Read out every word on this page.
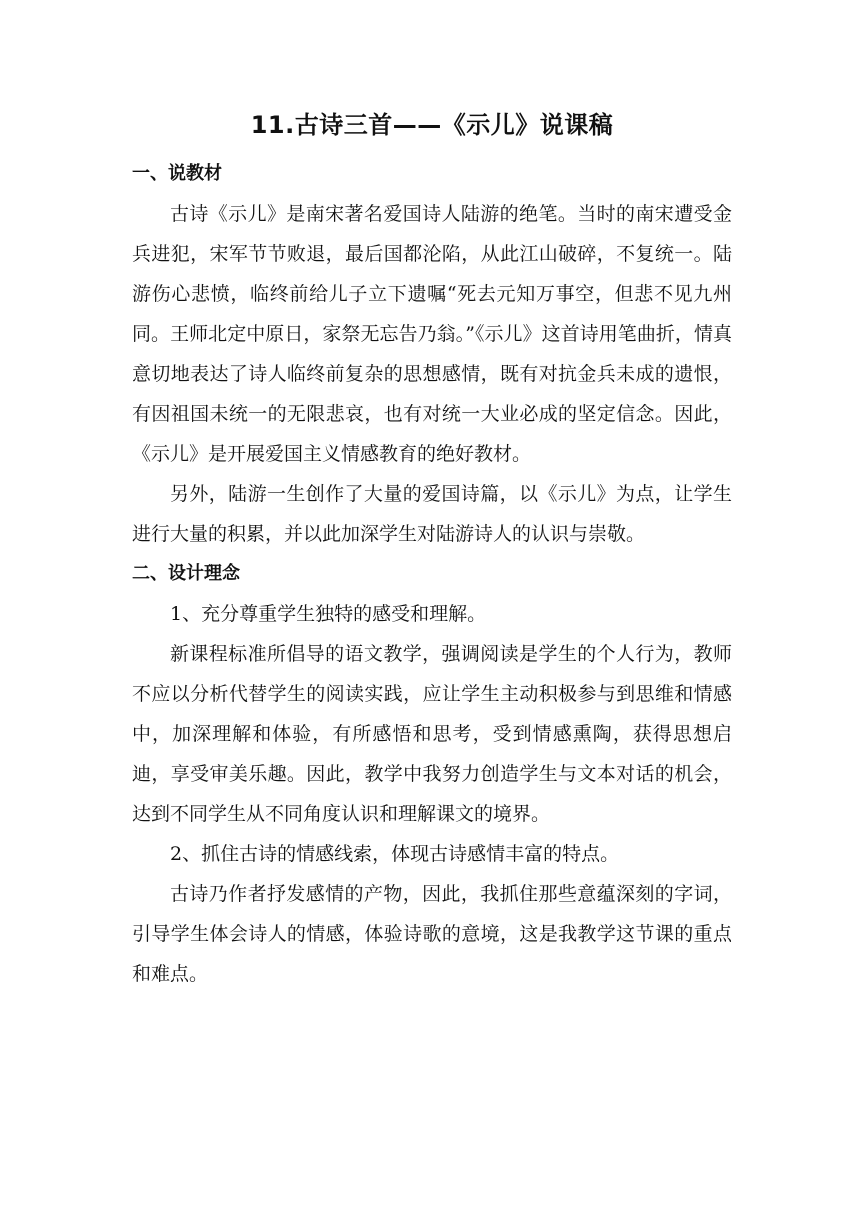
11.古诗三首——《示儿》说课稿
一、说教材

古诗《示儿》是南宋著名爱国诗人陆游的绝笔。当时的南宋遭受金兵进犯，宋军节节败退，最后国都沦陷，从此江山破碎，不复统一。陆游伤心悲愤，临终前给儿子立下遗嘱“死去元知万事空，但悲不见九州同。王师北定中原日，家祭无忘告乃翁。”《示儿》这首诗用笔曲折，情真意切地表达了诗人临终前复杂的思想感情，既有对抗金兵未成的遗恨，有因祖国未统一的无限悲哀，也有对统一大业必成的坚定信念。因此，《示儿》是开展爱国主义情感教育的绝好教材。

另外，陆游一生创作了大量的爱国诗篇，以《示儿》为点，让学生进行大量的积累，并以此加深学生对陆游诗人的认识与崇敬。

二、设计理念

1、充分尊重学生独特的感受和理解。

新课程标准所倡导的语文教学，强调阅读是学生的个人行为，教师不应以分析代替学生的阅读实践，应让学生主动积极参与到思维和情感中，加深理解和体验，有所感悟和思考，受到情感熏陶，获得思想启迪，享受审美乐趣。因此，教学中我努力创造学生与文本对话的机会，达到不同学生从不同角度认识和理解课文的境界。

2、抓住古诗的情感线索，体现古诗感情丰富的特点。

古诗乃作者抒发感情的产物，因此，我抓住那些意蕴深刻的字词，引导学生体会诗人的情感，体验诗歌的意境，这是我教学这节课的重点和难点。
